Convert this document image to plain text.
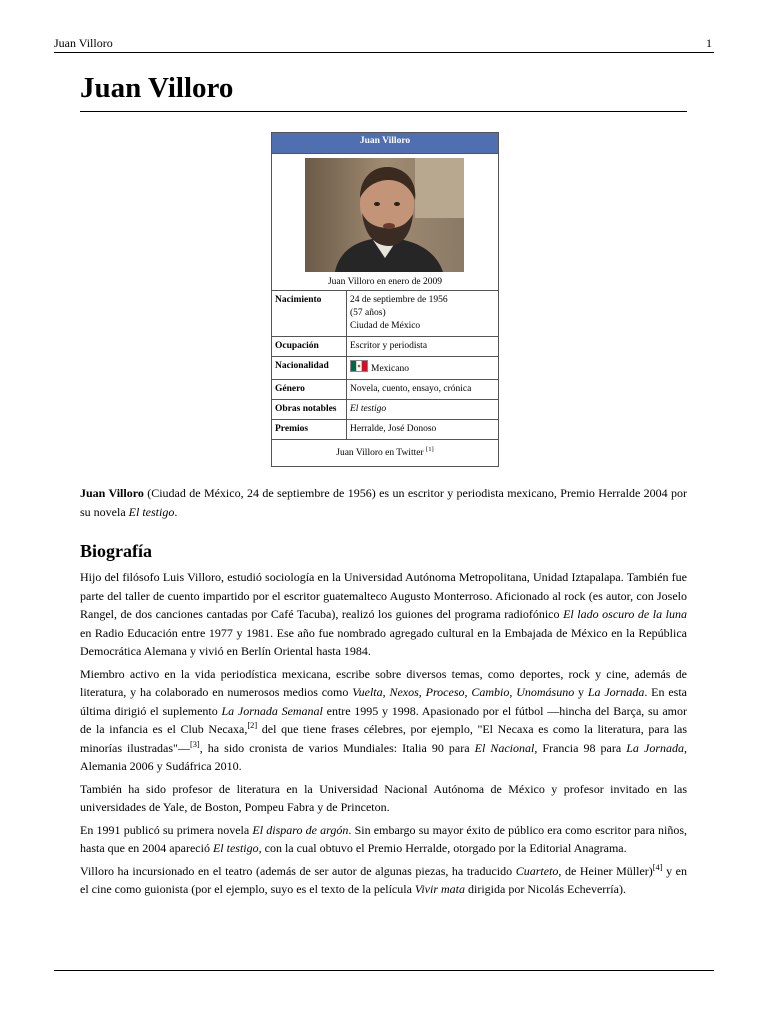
Juan Villoro	1
Juan Villoro
Juan Villoro
Juan Villoro en enero de 2009
Nacimiento	24 de septiembre de 1956
(57 años)
Ciudad de México
Ocupación	Escritor y periodista
Nacionalidad	Mexicano
Género	Novela, cuento, ensayo, crónica
Obras notables	El testigo
Premios	Herralde, José Donoso
Juan Villoro en Twitter [1]

Juan Villoro (Ciudad de México, 24 de septiembre de 1956) es un escritor y periodista mexicano, Premio Herralde 2004 por su novela El testigo.

Biografía

Hijo del filósofo Luis Villoro, estudió sociología en la Universidad Autónoma Metropolitana, Unidad Iztapalapa. También fue parte del taller de cuento impartido por el escritor guatemalteco Augusto Monterroso. Aficionado al rock (es autor, con Joselo Rangel, de dos canciones cantadas por Café Tacuba), realizó los guiones del programa radiofónico El lado oscuro de la luna en Radio Educación entre 1977 y 1981. Ese año fue nombrado agregado cultural en la Embajada de México en la República Democrática Alemana y vivió en Berlín Oriental hasta 1984.

Miembro activo en la vida periodística mexicana, escribe sobre diversos temas, como deportes, rock y cine, además de literatura, y ha colaborado en numerosos medios como Vuelta, Nexos, Proceso, Cambio, Unomásuno y La Jornada. En esta última dirigió el suplemento La Jornada Semanal entre 1995 y 1998. Apasionado por el fútbol —hincha del Barça, su amor de la infancia es el Club Necaxa,[2] del que tiene frases célebres, por ejemplo, "El Necaxa es como la literatura, para las minorías ilustradas"—[3], ha sido cronista de varios Mundiales: Italia 90 para El Nacional, Francia 98 para La Jornada, Alemania 2006 y Sudáfrica 2010.

También ha sido profesor de literatura en la Universidad Nacional Autónoma de México y profesor invitado en las universidades de Yale, de Boston, Pompeu Fabra y de Princeton.

En 1991 publicó su primera novela El disparo de argón. Sin embargo su mayor éxito de público era como escritor para niños, hasta que en 2004 apareció El testigo, con la cual obtuvo el Premio Herralde, otorgado por la Editorial Anagrama.

Villoro ha incursionado en el teatro (además de ser autor de algunas piezas, ha traducido Cuarteto, de Heiner Müller)[4] y en el cine como guionista (por el ejemplo, suyo es el texto de la película Vivir mata dirigida por Nicolás Echeverría).
